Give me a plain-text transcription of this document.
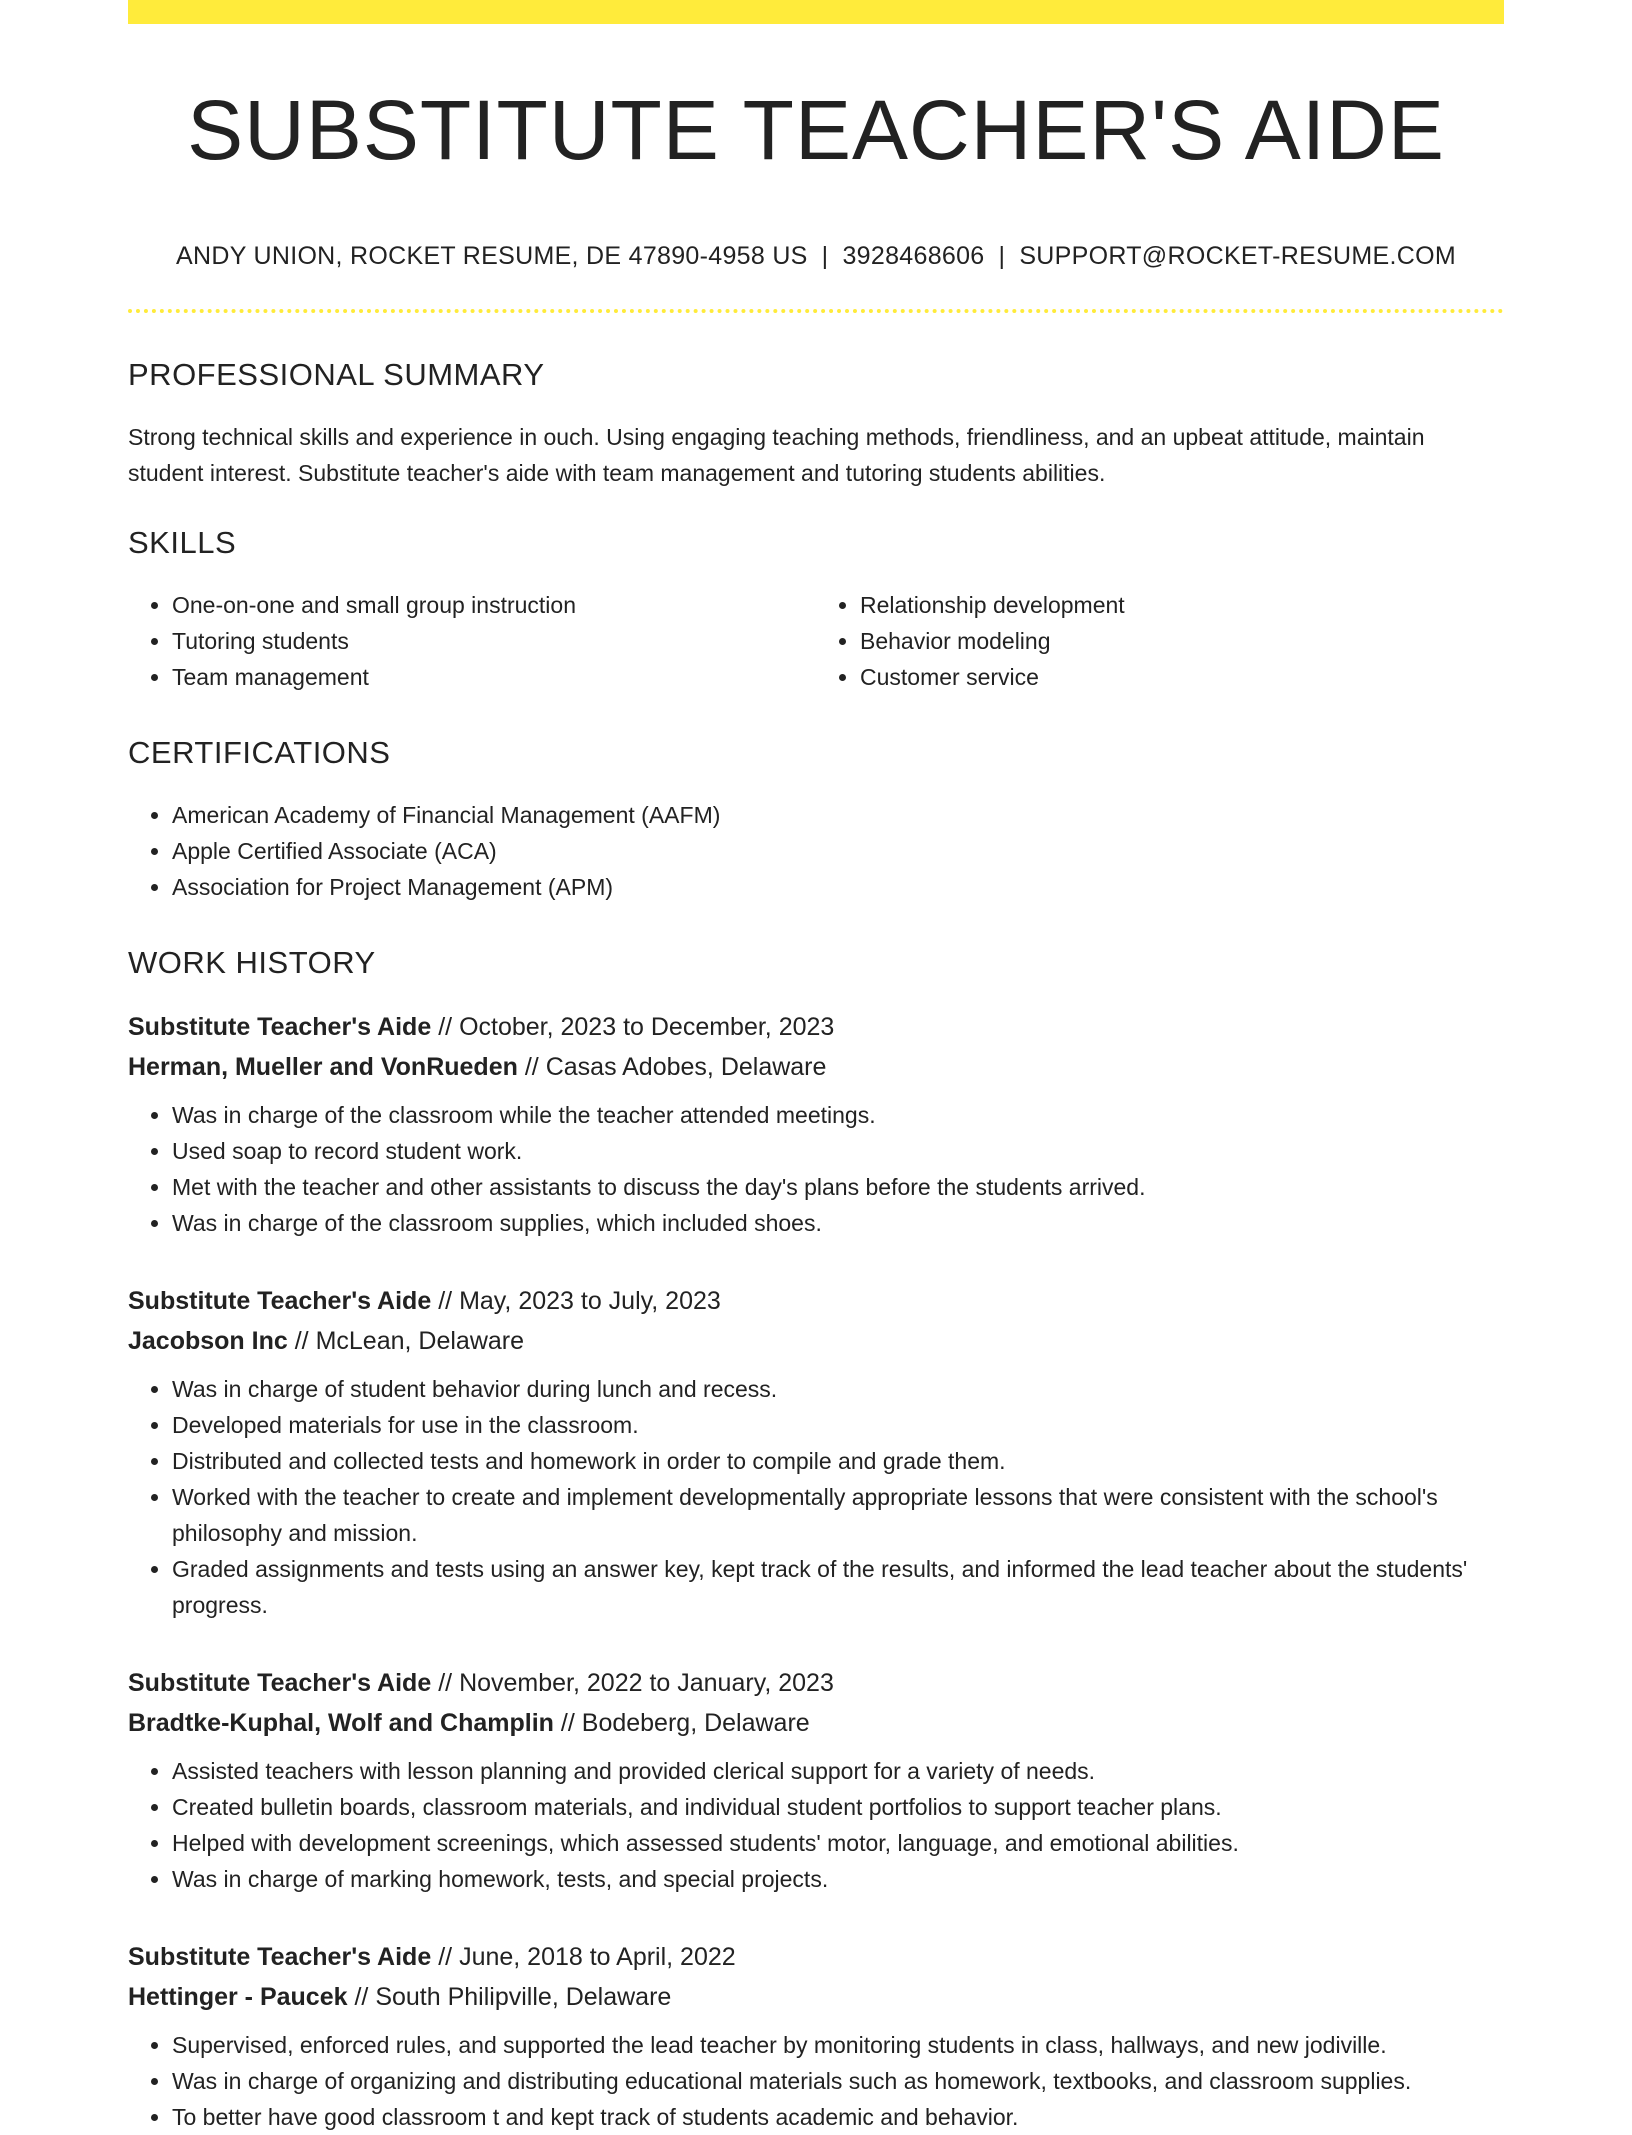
SUBSTITUTE TEACHER'S AIDE
ANDY UNION, ROCKET RESUME, DE 47890-4958 US | 3928468606 | SUPPORT@ROCKET-RESUME.COM
PROFESSIONAL SUMMARY

Strong technical skills and experience in ouch. Using engaging teaching methods, friendliness, and an upbeat attitude, maintain student interest. Substitute teacher's aide with team management and tutoring students abilities.

SKILLS
• One-on-one and small group instruction
• Tutoring students
• Team management
• Relationship development
• Behavior modeling
• Customer service
CERTIFICATIONS
• American Academy of Financial Management (AAFM)
• Apple Certified Associate (ACA)
• Association for Project Management (APM)
WORK HISTORY
Substitute Teacher's Aide // October, 2023 to December, 2023
Herman, Mueller and VonRueden // Casas Adobes, Delaware
• Was in charge of the classroom while the teacher attended meetings.
• Used soap to record student work.
• Met with the teacher and other assistants to discuss the day's plans before the students arrived.
• Was in charge of the classroom supplies, which included shoes.
Substitute Teacher's Aide // May, 2023 to July, 2023
Jacobson Inc // McLean, Delaware
• Was in charge of student behavior during lunch and recess.
• Developed materials for use in the classroom.
• Distributed and collected tests and homework in order to compile and grade them.
• Worked with the teacher to create and implement developmentally appropriate lessons that were consistent with the school's philosophy and mission.
• Graded assignments and tests using an answer key, kept track of the results, and informed the lead teacher about the students' progress.
Substitute Teacher's Aide // November, 2022 to January, 2023
Bradtke-Kuphal, Wolf and Champlin // Bodeberg, Delaware
• Assisted teachers with lesson planning and provided clerical support for a variety of needs.
• Created bulletin boards, classroom materials, and individual student portfolios to support teacher plans.
• Helped with development screenings, which assessed students' motor, language, and emotional abilities.
• Was in charge of marking homework, tests, and special projects.
Substitute Teacher's Aide // June, 2018 to April, 2022
Hettinger - Paucek // South Philipville, Delaware
• Supervised, enforced rules, and supported the lead teacher by monitoring students in class, hallways, and new jodiville.
• Was in charge of organizing and distributing educational materials such as homework, textbooks, and classroom supplies.
• To better have good classroom t and kept track of students academic and behavior.
